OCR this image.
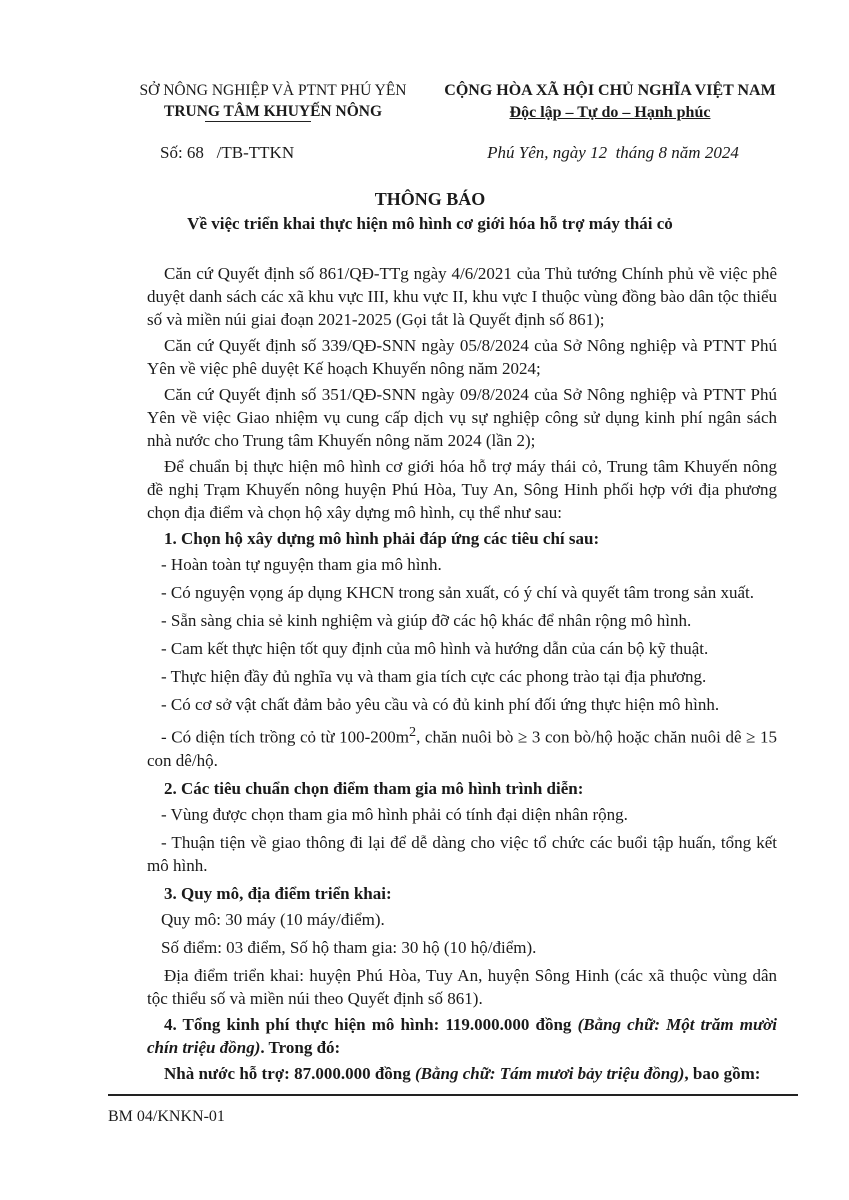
SỞ NÔNG NGHIỆP VÀ PTNT PHÚ YÊN
TRUNG TÂM KHUYẾN NÔNG
CỘNG HÒA XÃ HỘI CHỦ NGHĨA VIỆT NAM
Độc lập – Tự do – Hạnh phúc
Số: 68   /TB-TTKN	Phú Yên, ngày 12  tháng 8 năm 2024
THÔNG BÁO
Về việc triển khai thực hiện mô hình cơ giới hóa hỗ trợ máy thái cỏ

Căn cứ Quyết định số 861/QĐ-TTg ngày 4/6/2021 của Thủ tướng Chính phủ về việc phê duyệt danh sách các xã khu vực III, khu vực II, khu vực I thuộc vùng đồng bào dân tộc thiểu số và miền núi giai đoạn 2021-2025 (Gọi tắt là Quyết định số 861);

Căn cứ Quyết định số 339/QĐ-SNN ngày 05/8/2024 của Sở Nông nghiệp và PTNT Phú Yên về việc phê duyệt Kế hoạch Khuyến nông năm 2024;

Căn cứ Quyết định số 351/QĐ-SNN ngày 09/8/2024 của Sở Nông nghiệp và PTNT Phú Yên về việc Giao nhiệm vụ cung cấp dịch vụ sự nghiệp công sử dụng kinh phí ngân sách nhà nước cho Trung tâm Khuyến nông năm 2024 (lần 2);

Để chuẩn bị thực hiện mô hình cơ giới hóa hỗ trợ máy thái cỏ, Trung tâm Khuyến nông đề nghị Trạm Khuyến nông huyện Phú Hòa, Tuy An, Sông Hinh phối hợp với địa phương chọn địa điểm và chọn hộ xây dựng mô hình, cụ thể như sau:

1. Chọn hộ xây dựng mô hình phải đáp ứng các tiêu chí sau:

- Hoàn toàn tự nguyện tham gia mô hình.

- Có nguyện vọng áp dụng KHCN trong sản xuất, có ý chí và quyết tâm trong sản xuất.

- Sẵn sàng chia sẻ kinh nghiệm và giúp đỡ các hộ khác để nhân rộng mô hình.

- Cam kết thực hiện tốt quy định của mô hình và hướng dẫn của cán bộ kỹ thuật.

- Thực hiện đầy đủ nghĩa vụ và tham gia tích cực các phong trào tại địa phương.

- Có cơ sở vật chất đảm bảo yêu cầu và có đủ kinh phí đối ứng thực hiện mô hình.

- Có diện tích trồng cỏ từ $100-200m^2$, chăn nuôi bò ≥ 3 con bò/hộ hoặc chăn nuôi dê ≥ 15 con dê/hộ.

2. Các tiêu chuẩn chọn điểm tham gia mô hình trình diễn:

- Vùng được chọn tham gia mô hình phải có tính đại diện nhân rộng.

- Thuận tiện về giao thông đi lại để dễ dàng cho việc tổ chức các buổi tập huấn, tổng kết mô hình.

3. Quy mô, địa điểm triển khai:

Quy mô: 30 máy (10 máy/điểm).

Số điểm: 03 điểm, Số hộ tham gia: 30 hộ (10 hộ/điểm).

Địa điểm triển khai: huyện Phú Hòa, Tuy An, huyện Sông Hinh (các xã thuộc vùng dân tộc thiểu số và miền núi theo Quyết định số 861).

4. Tổng kinh phí thực hiện mô hình: 119.000.000 đồng (Bằng chữ: Một trăm mười chín triệu đồng). Trong đó:

Nhà nước hỗ trợ: 87.000.000 đồng (Bằng chữ: Tám mươi bảy triệu đồng), bao gồm:

BM 04/KNKN-01
